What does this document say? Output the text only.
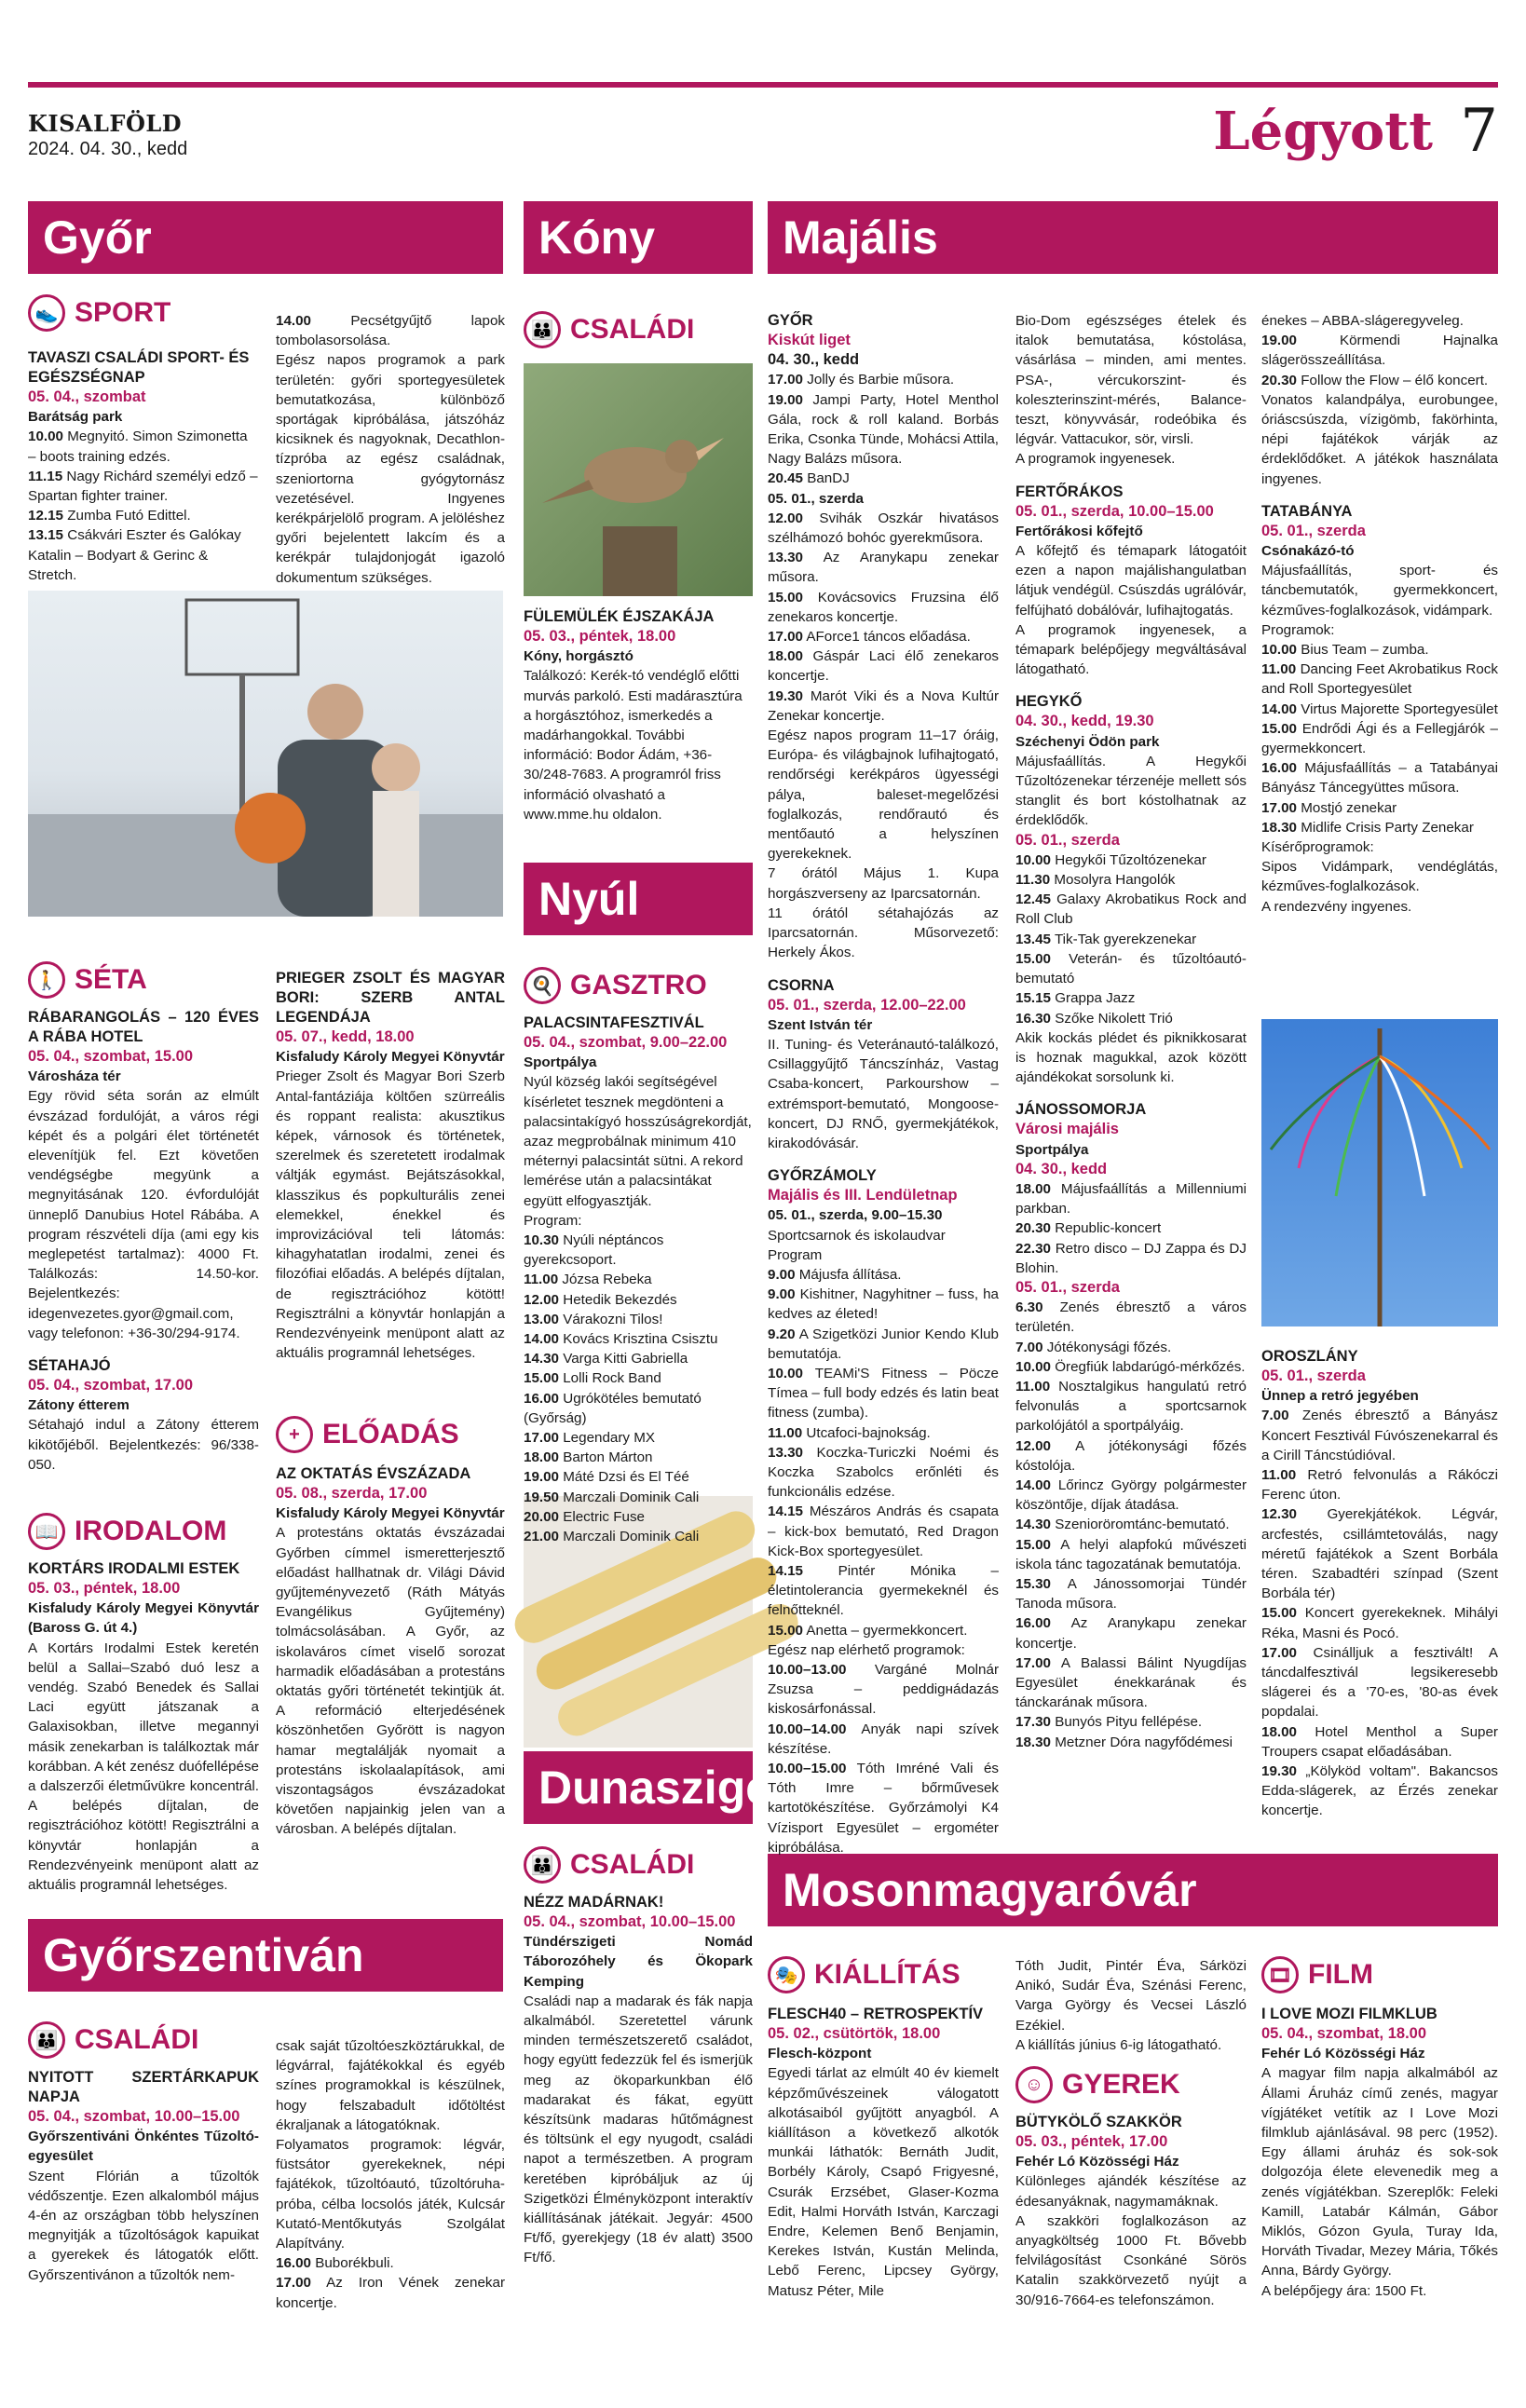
KISALFÖLD
2024. 04. 30., kedd	Légyott 7
Győr	Kóny	Majális
Nyúl
Dunasziget
Győrszentiván
Mosonmagyaróvár
👟 SPORT
🚶 SÉTA
📖 IRODALOM
+ ELŐADÁS
👪 CSALÁDI
🍳 GASZTRO
👪 CSALÁDI
👪 CSALÁDI
🎭 KIÁLLÍTÁS
☺ GYEREK
🎞 FILM

TAVASZI CSALÁDI SPORT- ÉS EGÉSZSÉGNAP

05. 04., szombat

Barátság park

10.00 Megnyitó. Simon Szimonetta – boots training edzés.

11.15 Nagy Richárd személyi edző – Spartan fighter trainer.

12.15 Zumba Futó Edittel.

13.15 Csákvári Eszter és Galókay Katalin – Bodyart & Gerinc & Stretch.

14.00 Pecsétgyűjtő lapok tombolasorsolása.

Egész napos programok a park területén: győri sportegyesületek bemutatkozása, különböző sportágak kipróbálása, játszóház kicsiknek és nagyoknak, Decathlon-tízpróba az egész családnak, szeniortorna gyógytornász vezetésével. Ingyenes kerékpárjelölő program. A jelöléshez győri bejelentett lakcím és a kerékpár tulajdonjogát igazoló dokumentum szükséges.

RÁBARANGOLÁS – 120 ÉVES A RÁBA HOTEL

05. 04., szombat, 15.00

Városháza tér

Egy rövid séta során az elmúlt évszázad fordulóját, a város régi képét és a polgári élet történetét elevenítjük fel. Ezt követően vendégségbe megyünk a megnyitásának 120. évfordulóját ünneplő Danubius Hotel Rábába. A program részvételi díja (ami egy kis meglepetést tartalmaz): 4000 Ft. Találkozás: 14.50-kor. Bejelentkezés: idegenvezetes.gyor@gmail.com, vagy telefonon: +36-30/294-9174.

SÉTAHAJÓ

05. 04., szombat, 17.00

Zátony étterem

Sétahajó indul a Zátony étterem kikötőjéből. Bejelentkezés: 96/338-050.

KORTÁRS IRODALMI ESTEK

05. 03., péntek, 18.00

Kisfaludy Károly Megyei Könyvtár (Baross G. út 4.)

A Kortárs Irodalmi Estek keretén belül a Sallai–Szabó duó lesz a vendég. Szabó Benedek és Sallai Laci együtt játszanak a Galaxisokban, illetve megannyi másik zenekarban is találkoztak már korábban. A két zenész duófellépése a dalszerzői életművükre koncentrál. A belépés díjtalan, de regisztrációhoz kötött! Regisztrálni a könyvtár honlapján a Rendezvényeink menüpont alatt az aktuális programnál lehetséges.

PRIEGER ZSOLT ÉS MAGYAR BORI: SZERB ANTAL LEGENDÁJA

05. 07., kedd, 18.00

Kisfaludy Károly Megyei Könyvtár

Prieger Zsolt és Magyar Bori Szerb Antal-fantáziája költően szürreális és roppant realista: akusztikus képek, várnosok és történetek, szerelmek és szeretetett irodalmak váltják egymást. Bejátszásokkal, klasszikus és popkulturális zenei elemekkel, énekkel és improvizációval teli látomás: kihagyhatatlan irodalmi, zenei és filozófiai előadás. A belépés díjtalan, de regisztrációhoz kötött! Regisztrálni a könyvtár honlapján a Rendezvényeink menüpont alatt az aktuális programnál lehetséges.

AZ OKTATÁS ÉVSZÁZADA

05. 08., szerda, 17.00

Kisfaludy Károly Megyei Könyvtár

A protestáns oktatás évszázadai Győrben címmel ismeretterjesztő előadást hallhatnak dr. Világi Dávid gyűjteményvezető (Ráth Mátyás Evangélikus Gyűjtemény) tolmácsolásában. A Győr, az iskolaváros címet viselő sorozat harmadik előadásában a protestáns oktatás győri történetét tekintjük át. A reformáció elterjedésének köszönhetően Győrött is nagyon hamar megtalálják nyomait a protestáns iskolaalapítások, ami viszontagságos évszázadokat követően napjainkig jelen van a városban. A belépés díjtalan.

FÜLEMÜLÉK ÉJSZAKÁJA

05. 03., péntek, 18.00

Kóny, horgásztó

Találkozó: Kerék-tó vendéglő előtti murvás parkoló. Esti madárasztúra a horgásztóhoz, ismerkedés a madárhangokkal. További információ: Bodor Ádám, +36-30/248-7683. A programról friss információ olvasható a www.mme.hu oldalon.

PALACSINTAFESZTIVÁL

05. 04., szombat, 9.00–22.00

Sportpálya

Nyúl község lakói segítségével kísérletet tesznek megdönteni a palacsintakígyó hosszúságrekordját, azaz megprobálnak minimum 410 méternyi palacsintát sütni. A rekord lemérése után a palacsintákat együtt elfogyasztják.

Program:

10.30 Nyúli néptáncos gyerekcsoport.

11.00 Józsa Rebeka

12.00 Hetedik Bekezdés

13.00 Várakozni Tilos!

14.00 Kovács Krisztina Csisztu

14.30 Varga Kitti Gabriella

15.00 Lolli Rock Band

16.00 Ugrókötéles bemutató (Győrság)

17.00 Legendary MX

18.00 Barton Márton

19.00 Máté Dzsi és El Téé

19.50 Marczali Dominik Cali

20.00 Electric Fuse

21.00 Marczali Dominik Cali

NÉZZ MADÁRNAK!

05. 04., szombat, 10.00–15.00

Tündérszigeti Nomád Táborozóhely és Ökopark Kemping

Családi nap a madarak és fák napja alkalmából. Szeretettel várunk minden természetszerető családot, hogy együtt fedezzük fel és ismerjük meg az ökoparkunkban élő madarakat és fákat, együtt készítsünk madaras hűtőmágnest és töltsünk el egy nyugodt, családi napot a természetben. A program keretében kipróbáljuk az új Szigetközi Élményközpont interaktív kiállításának játékait. Jegyár: 4500 Ft/fő, gyerekjegy (18 év alatt) 3500 Ft/fő.

NYITOTT SZERTÁRKAPUK NAPJA

05. 04., szombat, 10.00–15.00

Győrszentiváni Önkéntes Tűzoltó-egyesület

Szent Flórián a tűzoltók védőszentje. Ezen alkalomból május 4-én az országban több helyszínen megnyitják a tűzoltóságok kapuikat a gyerekek és látogatók előtt. Győrszentivánon a tűzoltók nem-

csak saját tűzoltóeszköztárukkal, de légvárral, fajátékokkal és egyéb színes programokkal is készülnek, hogy felszabadult időtöltést ékraljanak a látogatóknak.

Folyamatos programok: légvár, füstsátor gyerekeknek, népi fajátékok, tűzoltóautó, tűzoltóruha-próba, célba locsolós játék, Kulcsár Kutató-Mentőkutyás Szolgálat Alapítvány.

16.00 Buborékbuli.

17.00 Az Iron Vének zenekar koncertje.

GYŐR

Kiskút liget

04. 30., kedd

17.00 Jolly és Barbie műsora.

19.00 Jampi Party, Hotel Menthol Gála, rock & roll kaland. Borbás Erika, Csonka Tünde, Mohácsi Attila, Nagy Balázs műsora.

20.45 BanDJ

05. 01., szerda

12.00 Svihák Oszkár hivatásos szélhámozó bohóc gyerekműsora.

13.30 Az Aranykapu zenekar műsora.

15.00 Kovácsovics Fruzsina élő zenekaros koncertje.

17.00 AForce1 táncos előadása.

18.00 Gáspár Laci élő zenekaros koncertje.

19.30 Marót Viki és a Nova Kultúr Zenekar koncertje.

Egész napos program 11–17 óráig, Európa- és világbajnok lufihajtogató, rendőrségi kerékpáros ügyességi pálya, baleset-megelőzési foglalkozás, rendőrautó és mentőautó a helyszínen gyerekeknek.

7 órától Május 1. Kupa horgászverseny az Iparcsatornán.

11 órától sétahajózás az Iparcsatornán. Műsorvezető: Herkely Ákos.

CSORNA

05. 01., szerda, 12.00–22.00

Szent István tér

II. Tuning- és Veteránautó-találkozó, Csillaggyűjtő Táncszínház, Vastag Csaba-koncert, Parkourshow – extrémsport-bemutató, Mongoose-koncert, DJ RNŐ, gyermekjátékok, kirakodóvásár.

GYŐRZÁMOLY

Majális és III. Lendületnap

05. 01., szerda, 9.00–15.30

Sportcsarnok és iskolaudvar

Program

9.00 Májusfa állítása.

9.00 Kishitner, Nagyhitner – fuss, ha kedves az életed!

9.20 A Szigetközi Junior Kendo Klub bemutatója.

10.00 TEAMi'S Fitness – Pöcze Tímea – full body edzés és latin beat fitness (zumba).

11.00 Utcafoci-bajnokság.

13.30 Koczka-Turiczki Noémi és Koczka Szabolcs erőnléti és funkcionális edzése.

14.15 Mészáros András és csapata – kick-box bemutató, Red Dragon Kick-Box sportegyesület.

14.15 Pintér Mónika – életintoleranciа gyermekeknél és felnőtteknél.

15.00 Anetta – gyermekkoncert.

Egész nap elérhető programok:

10.00–13.00 Vargáné Molnár Zsuzsa – peddigнádazás kiskosárfonással.

10.00–14.00 Anyák napi szívek készítése.

10.00–15.00 Tóth Imréné Vali és Tóth Imre – bőrművesek kartotökészítése. Győrzámolyi K4 Vízisport Egyesület – ergométer kipróbálása.

Bio-Dom egészséges ételek és italok bemutatása, kóstolása, vásárlása – minden, ami mentes. PSA-, vércukorszint- és koleszterinszint-mérés, Balance-teszt, könyvvásár, rodeóbika és légvár. Vattacukor, sör, virsli.

A programok ingyenesek.

FERTŐRÁKOS

05. 01., szerda, 10.00–15.00

Fertőrákosi kőfejtő

A kőfejtő és témapark látogatóit ezen a napon majálishangulatban látjuk vendégül. Csúszdás ugrálóvár, felfújható dobálóvár, lufihajtogatás.

A programok ingyenesek, a témapark belépőjegy megváltásával látogatható.

HEGYKŐ

04. 30., kedd, 19.30

Széchenyi Ödön park

Májusfaállítás. A Hegykői Tűzoltózenekar térzenéje mellett sós stanglit és bort kóstolhatnak az érdeklődők.

05. 01., szerda

10.00 Hegykői Tűzoltózenekar

11.30 Mosolyra Hangolók

12.45 Galaxy Akrobatikus Rock and Roll Club

13.45 Tik-Tak gyerekzenekar

15.00 Veterán- és tűzoltóautó-bemutató

15.15 Grappa Jazz

16.30 Szőke Nikolett Trió

Akik kockás plédet és piknikkosarat is hoznak magukkal, azok között ajándékokat sorsolunk ki.

JÁNOSSOMORJA

Városi majális

Sportpálya

04. 30., kedd

18.00 Májusfaállítás a Millenniumi parkban.

20.30 Republic-koncert

22.30 Retro disco – DJ Zappa és DJ Blohin.

05. 01., szerda

6.30 Zenés ébresztő a város területén.

7.00 Jótékonysági főzés.

10.00 Öregfiúk labdarúgó-mérkőzés.

11.00 Nosztalgikus hangulatú retró felvonulás a sportcsarnok parkolójától a sportpályáig.

12.00 A jótékonysági főzés kóstolója.

14.00 Lőrincz György polgármester köszöntője, díjak átadása.

14.30 Szenioröromtánc-bemutató.

15.00 A helyi alapfokú művészeti iskola tánc tagozatának bemutatója.

15.30 A Jánossomorjai Tündér Tanoda műsora.

16.00 Az Aranykapu zenekar koncertje.

17.00 A Balassi Bálint Nyugdíjas Egyesület énekkarának és tánckarának műsora.

17.30 Bunyós Pityu fellépése.

18.30 Metzner Dóra nagyfődémesi

énekes – ABBA-slágeregyveleg.

19.00 Körmendi Hajnalka slágerösszeállítása.

20.30 Follow the Flow – élő koncert.

Vonatos kalandpálya, eurobungee, óriáscsúszda, vízigömb, fakörhinta, népi fajátékok várják az érdeklődőket. A játékok használata ingyenes.

TATABÁNYA

05. 01., szerda

Csónakázó-tó

Májusfaállítás, sport- és táncbemutatók, gyermekkoncert, kézműves-foglalkozások, vidámpark.

Programok:

10.00 Bius Team – zumba.

11.00 Dancing Feet Akrobatikus Rock and Roll Sportegyesület

14.00 Virtus Majorette Sportegyesület

15.00 Endrődi Ági és a Fellegjárók – gyermekkoncert.

16.00 Májusfaállítás – a Tatabányai Bányász Táncegyüttes műsora.

17.00 Mostjó zenekar

18.30 Midlife Crisis Party Zenekar

Kísérőprogramok:

Sipos Vidámpark, vendéglátás, kézműves-foglalkozások.

A rendezvény ingyenes.

OROSZLÁNY

05. 01., szerda

Ünnep a retró jegyében

7.00 Zenés ébresztő a Bányász Koncert Fesztivál Fúvószenekarral és a Cirill Táncstúdióval.

11.00 Retró felvonulás a Rákóczi Ferenc úton.

12.30 Gyerekjátékok. Légvár, arcfestés, csillámtetoválás, nagy méretű fajátékok a Szent Borbála téren. Szabadtéri színpad (Szent Borbála tér)

15.00 Koncert gyerekeknek. Mihályi Réka, Masni és Pocó.

17.00 Csinálljuk a fesztivált! A táncdalfesztivál legsikeresebb slágerei és a '70-es, '80-as évek popdalai.

18.00 Hotel Menthol a Super Troupers csapat előadásában.

19.30 „Kölyköd voltam". Bakancsos Edda-slágerek, az Érzés zenekar koncertje.

FLESCH40 – RETROSPEKTÍV

05. 02., csütörtök, 18.00

Flesch-központ

Egyedi tárlat az elmúlt 40 év kiemelt képzőművészeinek válogatott alkotásaiból gyűjtött anyagból. A kiállításon a következő alkotók munkái láthatók: Bernáth Judit, Borbély Károly, Csapó Frigyesné, Csurák Erzsébet, Glaser-Kozma Edit, Halmi Horváth István, Karczagi Endre, Kelemen Benő Benjamin, Kerekes István, Kustán Melinda, Lebő Ferenc, Lipcsey György, Matusz Péter, Mile

Tóth Judit, Pintér Éva, Sárközi Anikó, Sudár Éva, Szénási Ferenc, Varga György és Vecsei László Ezékiel.

A kiállítás június 6-ig látogatható.

BÜTYKÖLŐ SZAKKÖR

05. 03., péntek, 17.00

Fehér Ló Közösségi Ház

Különleges ajándék készítése az édesanyáknak, nagymamáknak.

A szakköri foglalkozáson az anyagköltség 1000 Ft. Bővebb felvilágosítást Csonkáné Sörös Katalin szakkörvezető nyújt a 30/916-7664-es telefonszámon.

I LOVE MOZI FILMKLUB

05. 04., szombat, 18.00

Fehér Ló Közösségi Ház

A magyar film napja alkalmából az Állami Áruház című zenés, magyar vígjátéket vetítik az I Love Mozi filmklub ajánlásával. 98 perc (1952). Egy állami áruház és sok-sok dolgozója élete elevenedik meg a zenés vígjátékban. Szereplők: Feleki Kamill, Latabár Kálmán, Gábor Miklós, Gózon Gyula, Turay Ida, Horváth Tivadar, Mezey Mária, Tőkés Anna, Bárdy György.

A belépőjegy ára: 1500 Ft.
